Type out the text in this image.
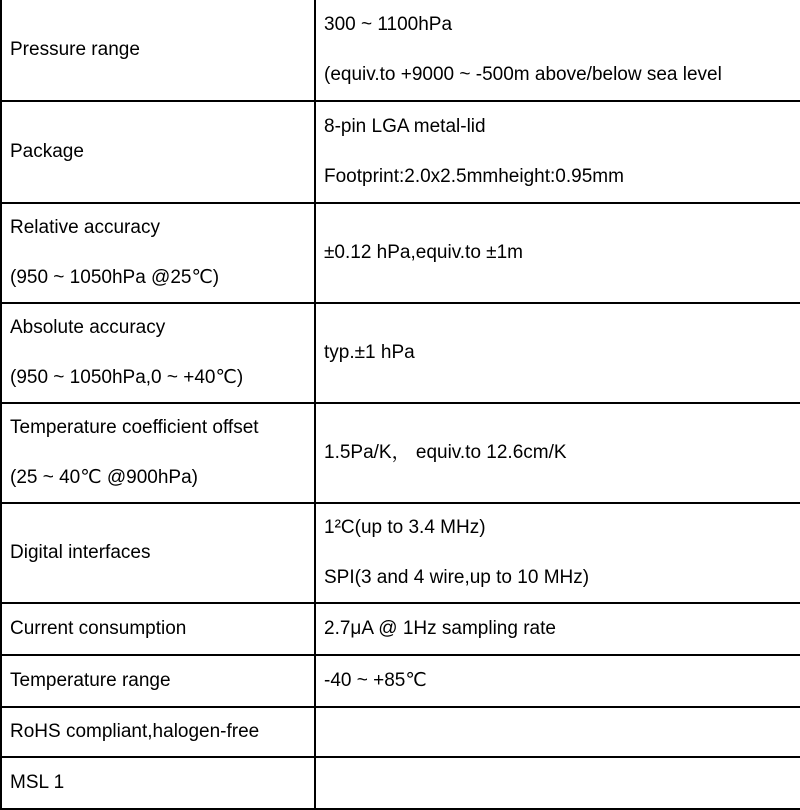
Pressure range	300 ~ 1100hPa
(equiv.to +9000 ~ -500m above/below sea level

Package	8-pin LGA metal-lid
Footprint:2.0x2.5mmheight:0.95mm

Relative accuracy
(950 ~ 1050hPa @25℃)	±0.12 hPa,equiv.to ±1m

Absolute accuracy
(950 ~ 1050hPa,0 ~ +40℃)	typ.±1 hPa

Temperature coefficient offset
(25 ~ 40℃ @900hPa)	1.5Pa/K， equiv.to 12.6cm/K

Digital interfaces	1²C(up to 3.4 MHz)
SPI(3 and 4 wire,up to 10 MHz)

Current consumption	2.7μA @ 1Hz sampling rate

Temperature range	-40 ~ +85℃

RoHS compliant,halogen-free	

MSL 1	
